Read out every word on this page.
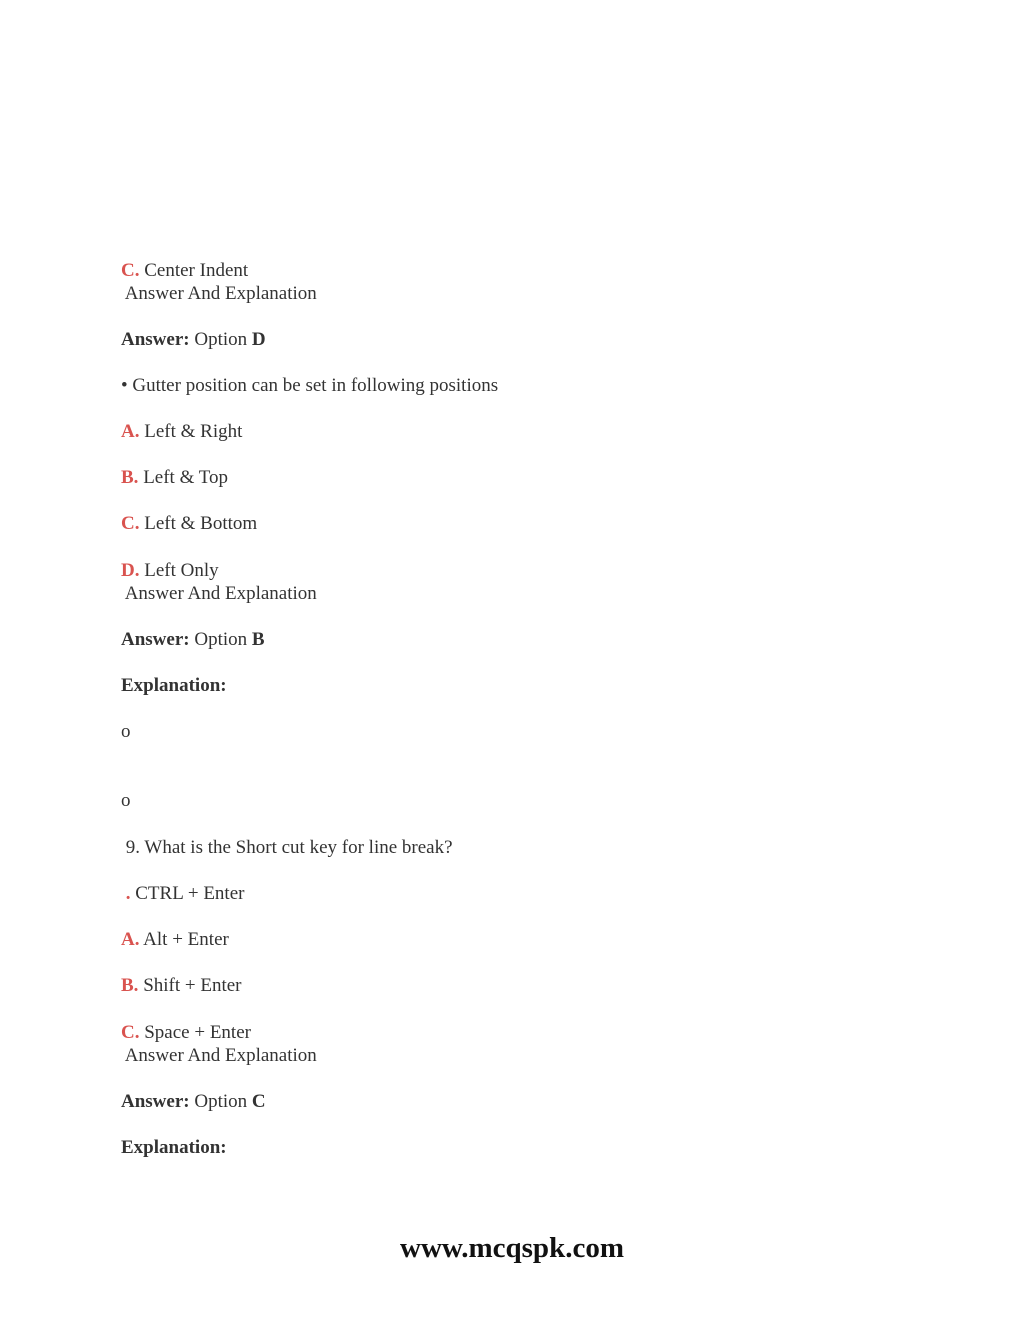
C. Center Indent
Answer And Explanation
Answer: Option D
• Gutter position can be set in following positions
A. Left & Right
B. Left & Top
C. Left & Bottom
D. Left Only
Answer And Explanation
Answer: Option B
Explanation:
o
o
9. What is the Short cut key for line break?
. CTRL + Enter
A. Alt + Enter
B. Shift + Enter
C. Space + Enter
Answer And Explanation
Answer: Option C
Explanation:
www.mcqspk.com
